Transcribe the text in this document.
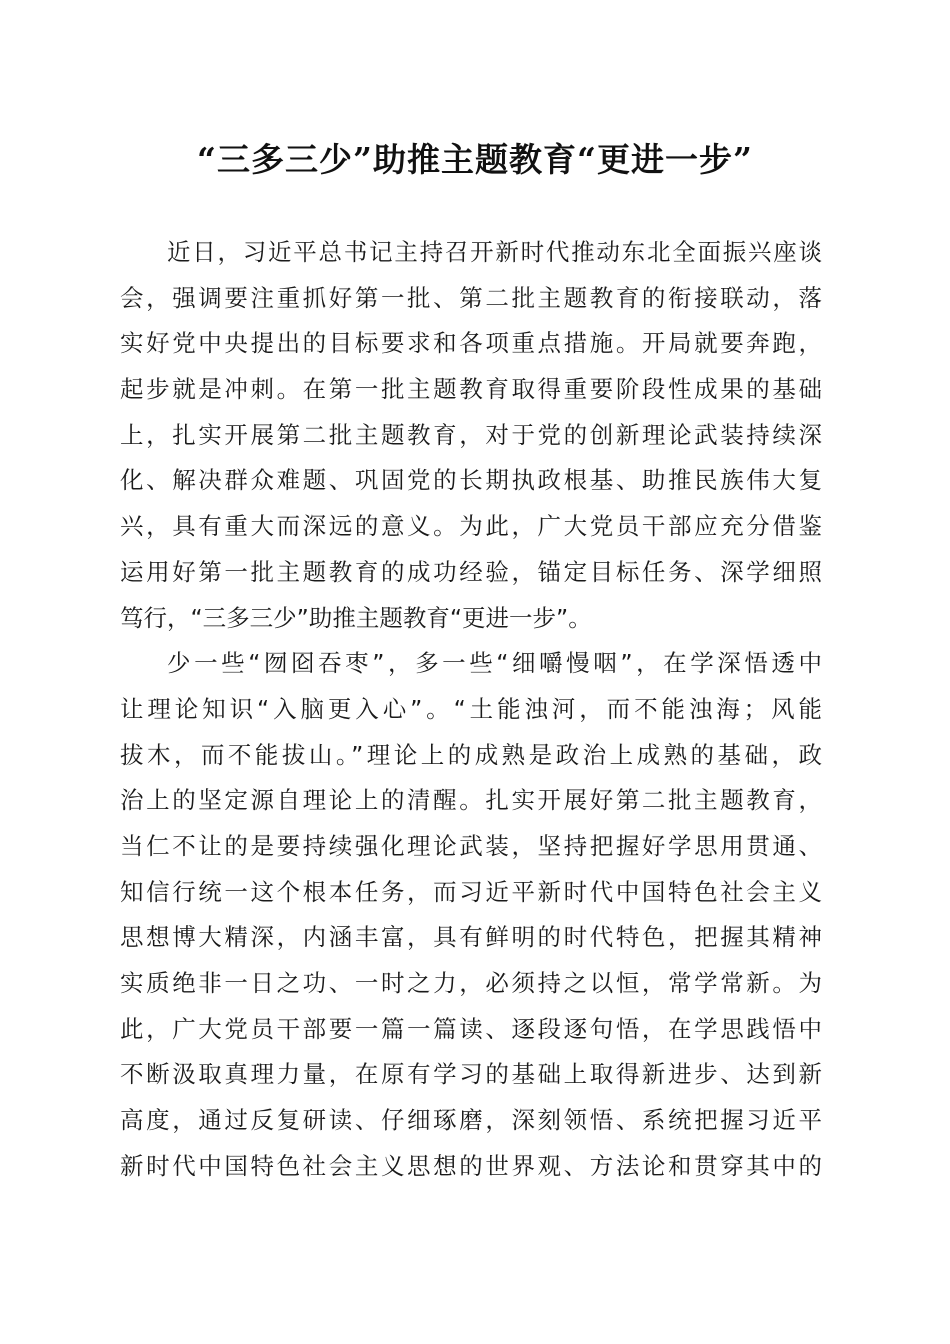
“三多三少”助推主题教育“更进一步”
近日，习近平总书记主持召开新时代推动东北全面振兴座谈
会，强调要注重抓好第一批、第二批主题教育的衔接联动，落
实好党中央提出的目标要求和各项重点措施。开局就要奔跑，
起步就是冲刺。在第一批主题教育取得重要阶段性成果的基础
上，扎实开展第二批主题教育，对于党的创新理论武装持续深
化、解决群众难题、巩固党的长期执政根基、助推民族伟大复
兴，具有重大而深远的意义。为此，广大党员干部应充分借鉴
运用好第一批主题教育的成功经验，锚定目标任务、深学细照
笃行，“三多三少”助推主题教育“更进一步”。
少一些“囫囵吞枣”，多一些“细嚼慢咽”，在学深悟透中
让理论知识“入脑更入心”。“土能浊河，而不能浊海；风能
拔木，而不能拔山。”理论上的成熟是政治上成熟的基础，政
治上的坚定源自理论上的清醒。扎实开展好第二批主题教育，
当仁不让的是要持续强化理论武装，坚持把握好学思用贯通、
知信行统一这个根本任务，而习近平新时代中国特色社会主义
思想博大精深，内涵丰富，具有鲜明的时代特色，把握其精神
实质绝非一日之功、一时之力，必须持之以恒，常学常新。为
此，广大党员干部要一篇一篇读、逐段逐句悟，在学思践悟中
不断汲取真理力量，在原有学习的基础上取得新进步、达到新
高度，通过反复研读、仔细琢磨，深刻领悟、系统把握习近平
新时代中国特色社会主义思想的世界观、方法论和贯穿其中的
